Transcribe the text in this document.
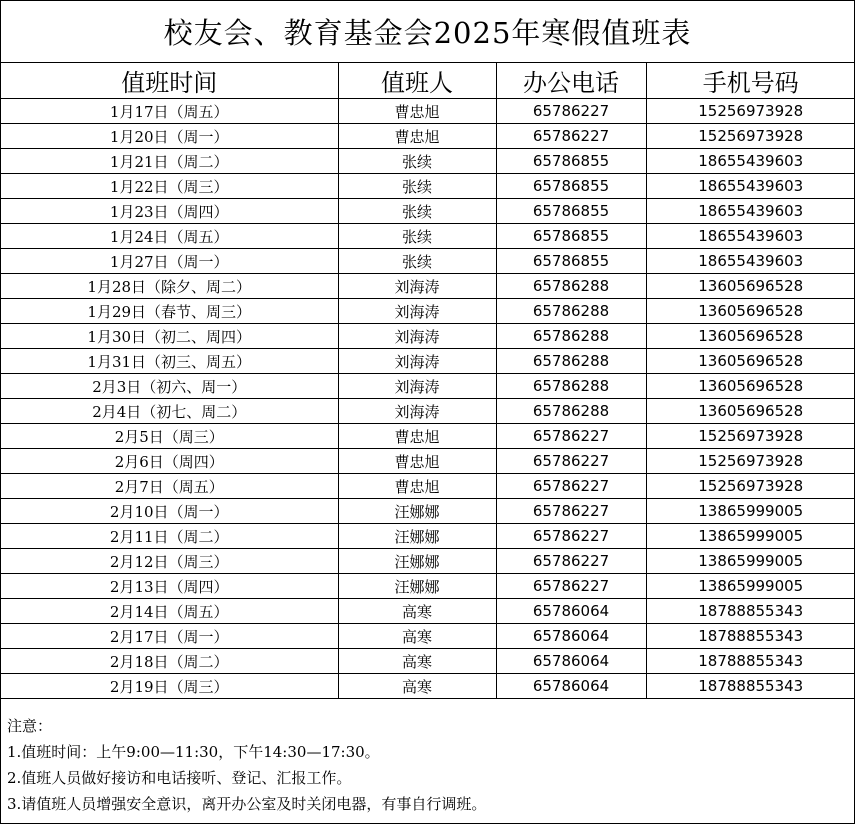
校友会、教育基金会2025年寒假值班表
值班时间	值班人	办公电话	手机号码
1月17日（周五）	曹忠旭	65786227	15256973928
1月20日（周一）	曹忠旭	65786227	15256973928
1月21日（周二）	张续	65786855	18655439603
1月22日（周三）	张续	65786855	18655439603
1月23日（周四）	张续	65786855	18655439603
1月24日（周五）	张续	65786855	18655439603
1月27日（周一）	张续	65786855	18655439603
1月28日（除夕、周二）	刘海涛	65786288	13605696528
1月29日（春节、周三）	刘海涛	65786288	13605696528
1月30日（初二、周四）	刘海涛	65786288	13605696528
1月31日（初三、周五）	刘海涛	65786288	13605696528
2月3日（初六、周一）	刘海涛	65786288	13605696528
2月4日（初七、周二）	刘海涛	65786288	13605696528
2月5日（周三）	曹忠旭	65786227	15256973928
2月6日（周四）	曹忠旭	65786227	15256973928
2月7日（周五）	曹忠旭	65786227	15256973928
2月10日（周一）	汪娜娜	65786227	13865999005
2月11日（周二）	汪娜娜	65786227	13865999005
2月12日（周三）	汪娜娜	65786227	13865999005
2月13日（周四）	汪娜娜	65786227	13865999005
2月14日（周五）	高寒	65786064	18788855343
2月17日（周一）	高寒	65786064	18788855343
2月18日（周二）	高寒	65786064	18788855343
2月19日（周三）	高寒	65786064	18788855343
注意：
1.值班时间：上午9:00—11:30，下午14:30—17:30。
2.值班人员做好接访和电话接听、登记、汇报工作。
3.请值班人员增强安全意识，离开办公室及时关闭电器，有事自行调班。
